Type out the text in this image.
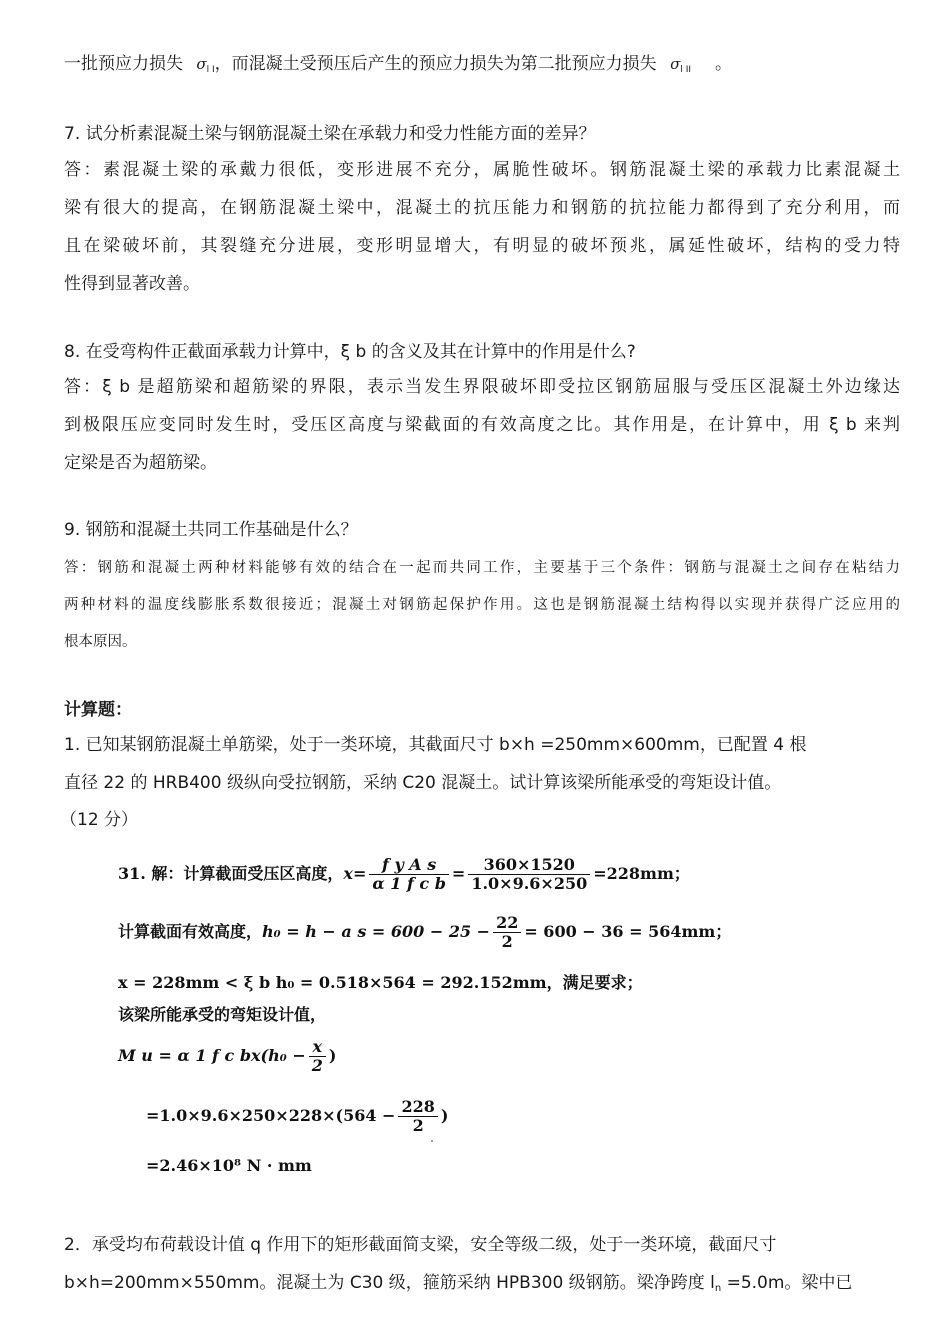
一批预应力损失 $\sigma_{l I}$，而混凝土受预压后产生的预应力损失为第二批预应力损失 $\sigma_{l II}$ 。
7. 试分析素混凝土梁与钢筋混凝土梁在承载力和受力性能方面的差异？
答：素混凝土梁的承戴力很低，变形进展不充分，属脆性破坏。钢筋混凝土梁的承载力比素混凝土
梁有很大的提高，在钢筋混凝土梁中，混凝土的抗压能力和钢筋的抗拉能力都得到了充分利用，而
且在梁破坏前，其裂缝充分进展，变形明显增大，有明显的破坏预兆，属延性破坏，结构的受力特
性得到显著改善。
8. 在受弯构件正截面承载力计算中，ξ b 的含义及其在计算中的作用是什么?
答：ξ b 是超筋梁和超筋梁的界限，表示当发生界限破坏即受拉区钢筋屈服与受压区混凝土外边缘达
到极限压应变同时发生时，受压区高度与梁截面的有效高度之比。其作用是，在计算中，用 ξ b 来判
定梁是否为超筋梁。
9. 钢筋和混凝土共同工作基础是什么？
答：钢筋和混凝土两种材料能够有效的结合在一起而共同工作，主要基于三个条件：钢筋与混凝土之间存在粘结力
两种材料的温度线膨胀系数很接近；混凝土对钢筋起保护作用。这也是钢筋混凝土结构得以实现并获得广泛应用的
根本原因。
计算题：
1. 已知某钢筋混凝土单筋梁，处于一类环境，其截面尺寸 b×h =250mm×600mm，已配置 4 根
直径 22 的 HRB400 级纵向受拉钢筋，采纳 C20 混凝土。试计算该梁所能承受的弯矩设计值。
（12 分）
31. 解：计算截面受压区高度，$x= \frac{\text{f y A s}}{\text{α 1 f c b}} = \frac{360\times 1520}{1.0\times 9.6\times 250} =228mm$；
计算截面有效高度，h₀ = h − a $s = 600 - 25 - \frac{22}{2} = 600 - 36 = 564mm$；
x = 228mm < ξ b h₀ = 0.518×564 = 292.152mm，满足要求；
该梁所能承受的弯矩设计值，
M u = α 1 f c $bx(h_0 - \frac{x}{2}$ )
$=1.0\times 9.6\times 250\times 228\times(564 - \frac{228}{2}$ )
=2.46×10⁸ N · mm
2．承受均布荷载设计值 q 作用下的矩形截面简支梁，安全等级二级，处于一类环境，截面尺寸
b×h=200mm×550mm。混凝土为 C30 级，箍筋采纳 HPB300 级钢筋。梁净跨度 $l_n =5.0m$。梁中已
